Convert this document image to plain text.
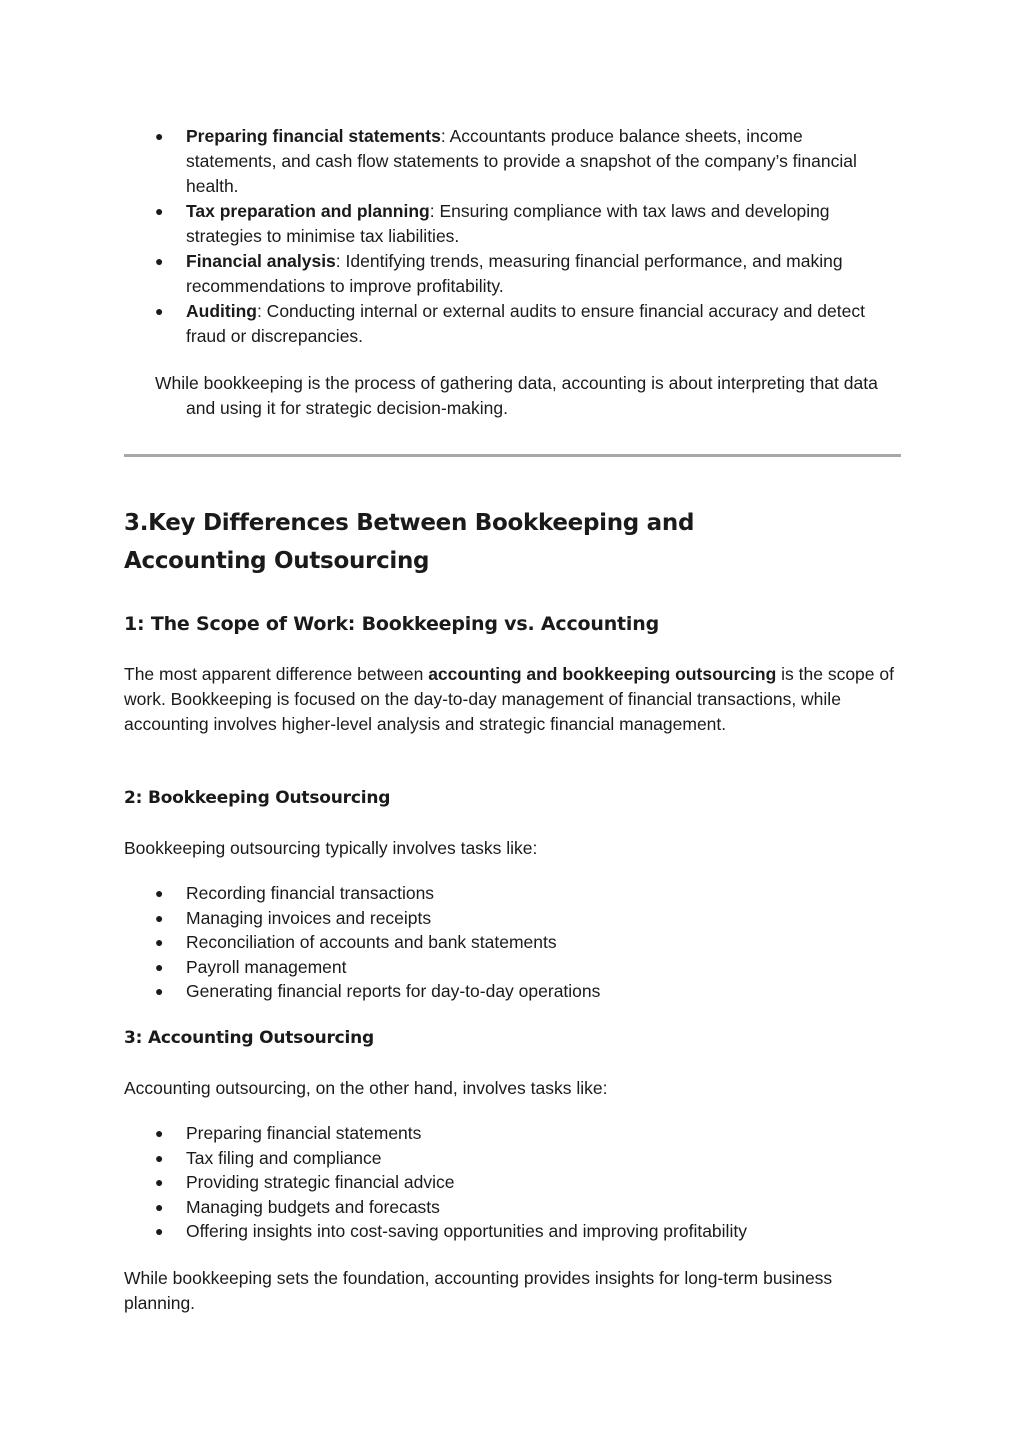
●	Preparing financial statements: Accountants produce balance sheets, income statements, and cash flow statements to provide a snapshot of the company’s financial health.
●	Tax preparation and planning: Ensuring compliance with tax laws and developing strategies to minimise tax liabilities.
●	Financial analysis: Identifying trends, measuring financial performance, and making recommendations to improve profitability.
●	Auditing: Conducting internal or external audits to ensure financial accuracy and detect fraud or discrepancies.

While bookkeeping is the process of gathering data, accounting is about interpreting that data and using it for strategic decision-making.

3.Key Differences Between Bookkeeping and Accounting Outsourcing
1: The Scope of Work: Bookkeeping vs. Accounting

The most apparent difference between accounting and bookkeeping outsourcing is the scope of work. Bookkeeping is focused on the day-to-day management of financial transactions, while accounting involves higher-level analysis and strategic financial management.

2: Bookkeeping Outsourcing

Bookkeeping outsourcing typically involves tasks like:

●	Recording financial transactions
●	Managing invoices and receipts
●	Reconciliation of accounts and bank statements
●	Payroll management
●	Generating financial reports for day-to-day operations
3: Accounting Outsourcing

Accounting outsourcing, on the other hand, involves tasks like:

●	Preparing financial statements
●	Tax filing and compliance
●	Providing strategic financial advice
●	Managing budgets and forecasts
●	Offering insights into cost-saving opportunities and improving profitability

While bookkeeping sets the foundation, accounting provides insights for long-term business planning.
